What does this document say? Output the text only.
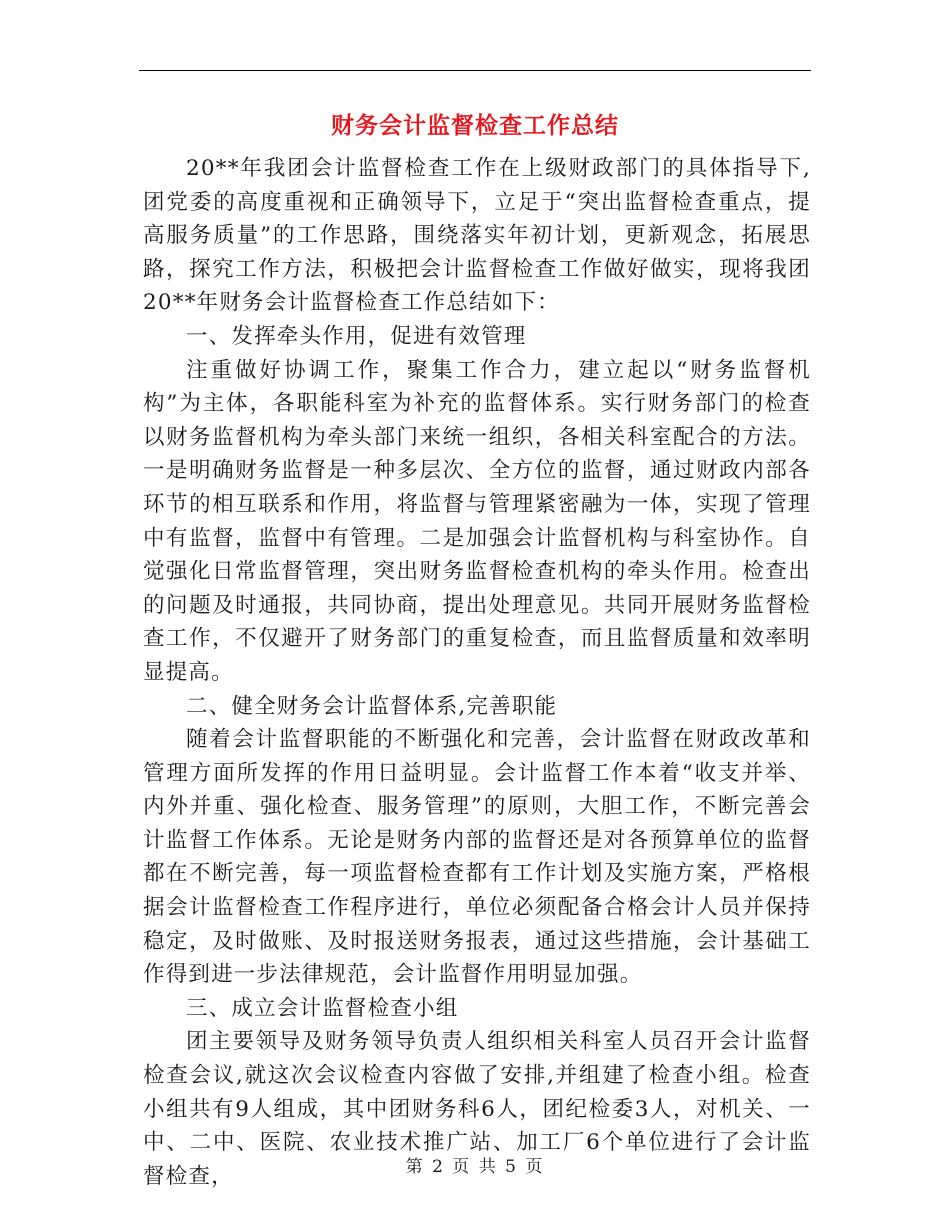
财务会计监督检查工作总结

20**年我团会计监督检查工作在上级财政部门的具体指导下,团党委的高度重视和正确领导下，立足于“突出监督检查重点，提高服务质量”的工作思路，围绕落实年初计划，更新观念，拓展思路，探究工作方法，积极把会计监督检查工作做好做实，现将我团20**年财务会计监督检查工作总结如下：

一、发挥牵头作用，促进有效管理

注重做好协调工作，聚集工作合力，建立起以“财务监督机构”为主体，各职能科室为补充的监督体系。实行财务部门的检查以财务监督机构为牵头部门来统一组织，各相关科室配合的方法。一是明确财务监督是一种多层次、全方位的监督，通过财政内部各环节的相互联系和作用，将监督与管理紧密融为一体，实现了管理中有监督，监督中有管理。二是加强会计监督机构与科室协作。自觉强化日常监督管理，突出财务监督检查机构的牵头作用。检查出的问题及时通报，共同协商，提出处理意见。共同开展财务监督检查工作，不仅避开了财务部门的重复检查，而且监督质量和效率明显提高。

二、健全财务会计监督体系,完善职能

随着会计监督职能的不断强化和完善，会计监督在财政改革和管理方面所发挥的作用日益明显。会计监督工作本着“收支并举、内外并重、强化检查、服务管理”的原则，大胆工作，不断完善会计监督工作体系。无论是财务内部的监督还是对各预算单位的监督都在不断完善，每一项监督检查都有工作计划及实施方案，严格根据会计监督检查工作程序进行，单位必须配备合格会计人员并保持稳定，及时做账、及时报送财务报表，通过这些措施，会计基础工作得到进一步法律规范，会计监督作用明显加强。

三、成立会计监督检查小组

团主要领导及财务领导负责人组织相关科室人员召开会计监督检查会议,就这次会议检查内容做了安排,并组建了检查小组。检查小组共有9人组成，其中团财务科6人，团纪检委3人，对机关、一中、二中、医院、农业技术推广站、加工厂6个单位进行了会计监督检查，	第 2 页 共 5 页
